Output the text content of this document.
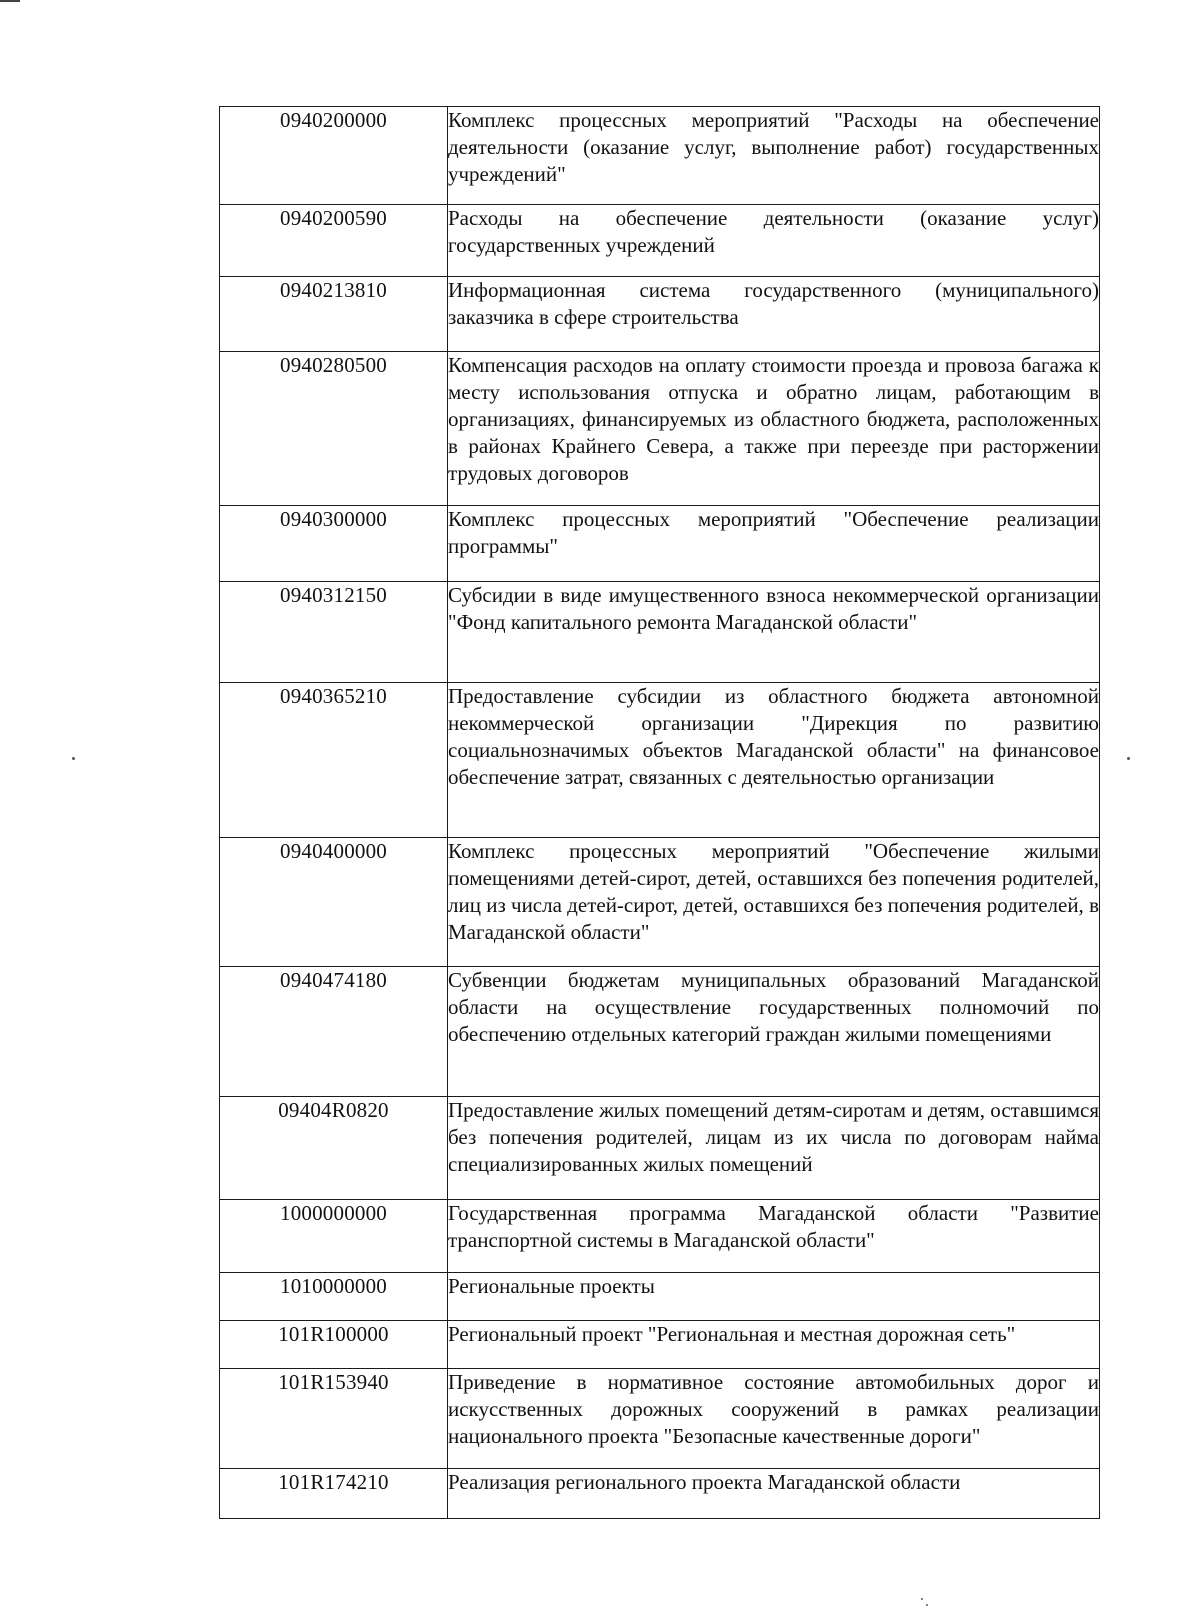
0940200000	Комплекс процессных мероприятий "Расходы на обеспечение деятельности (оказание услуг, выполнение работ) государственных учреждений"
0940200590	Расходы на обеспечение деятельности (оказание услуг) государственных учреждений
0940213810	Информационная система государственного (муниципального) заказчика в сфере строительства
0940280500	Компенсация расходов на оплату стоимости проезда и провоза багажа к месту использования отпуска и обратно лицам, работающим в организациях, финансируемых из областного бюджета, расположенных в районах Крайнего Севера, а также при переезде при расторжении трудовых договоров
0940300000	Комплекс процессных мероприятий "Обеспечение реализации программы"
0940312150	Субсидии в виде имущественного взноса некоммерческой организации "Фонд капитального ремонта Магаданской области"
0940365210	Предоставление субсидии из областного бюджета автономной некоммерческой организации "Дирекция по развитию социальнозначимых объектов Магаданской области" на финансовое обеспечение затрат, связанных с деятельностью организации
0940400000	Комплекс процессных мероприятий "Обеспечение жилыми помещениями детей-сирот, детей, оставшихся без попечения родителей, лиц из числа детей-сирот, детей, оставшихся без попечения родителей, в Магаданской области"
0940474180	Субвенции бюджетам муниципальных образований Магаданской области на осуществление государственных полномочий по обеспечению отдельных категорий граждан жилыми помещениями
09404R0820	Предоставление жилых помещений детям-сиротам и детям, оставшимся без попечения родителей, лицам из их числа по договорам найма специализированных жилых помещений
1000000000	Государственная программа Магаданской области "Развитие транспортной системы в Магаданской области"
1010000000	Региональные проекты
101R100000	Региональный проект "Региональная и местная дорожная сеть"
101R153940	Приведение в нормативное состояние автомобильных дорог и искусственных дорожных сооружений в рамках реализации национального проекта "Безопасные качественные дороги"
101R174210	Реализация регионального проекта Магаданской области
